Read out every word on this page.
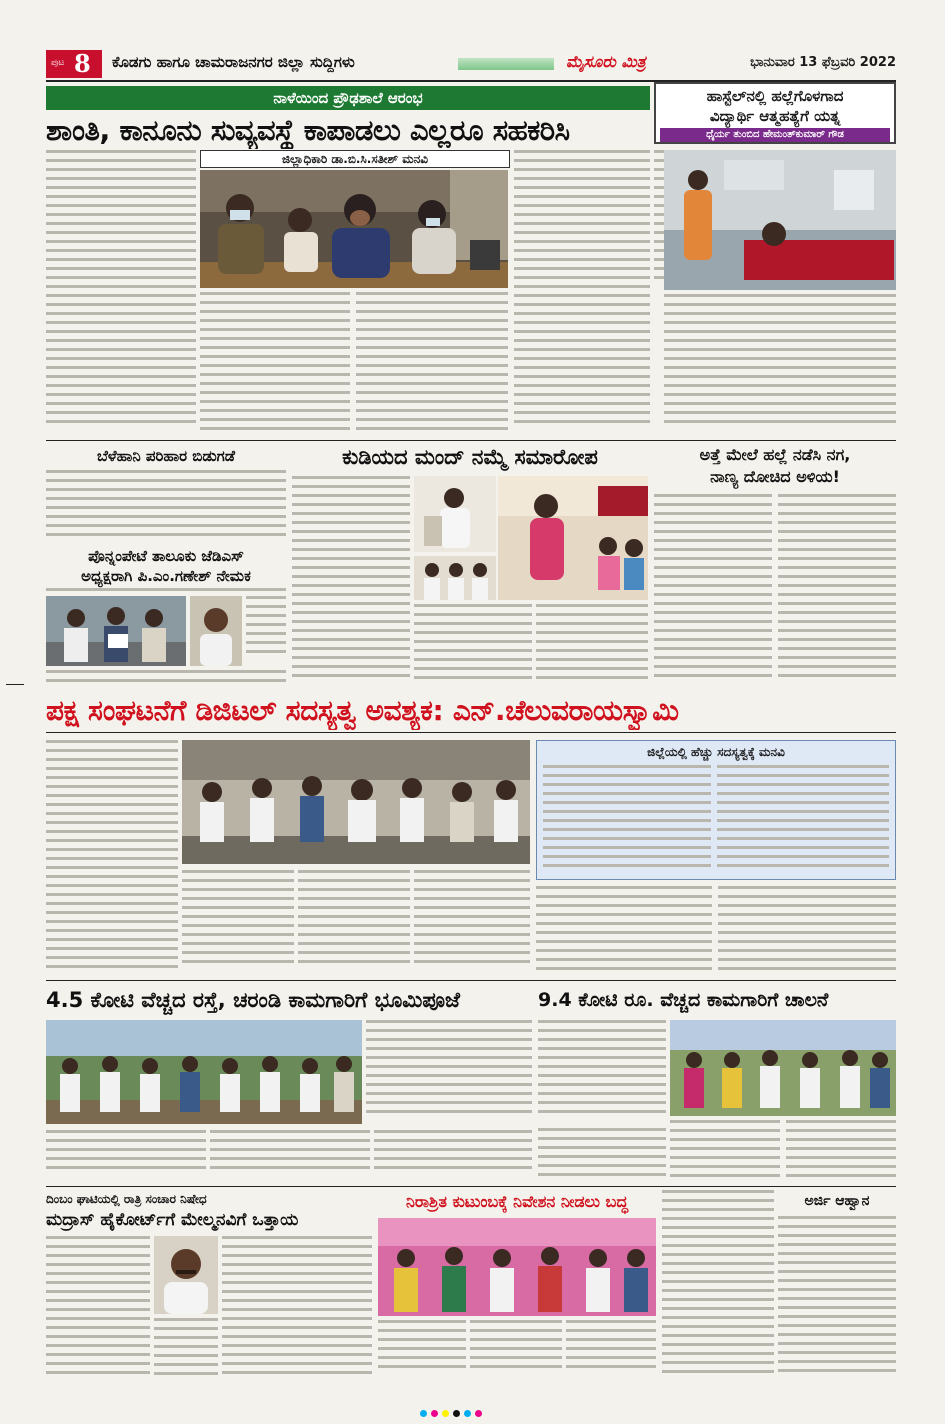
ಪುಟ 8 ಕೊಡಗು ಹಾಗೂ ಚಾಮರಾಜನಗರ ಜಿಲ್ಲಾ ಸುದ್ದಿಗಳು	ಮೈಸೂರು ಮಿತ್ರ	ಭಾನುವಾರ 13 ಫೆಬ್ರವರಿ 2022
ನಾಳೆಯಿಂದ ಪ್ರೌಢಶಾಲೆ ಆರಂಭ
ಶಾಂತಿ, ಕಾನೂನು ಸುವ್ಯವಸ್ಥೆ ಕಾಪಾಡಲು ಎಲ್ಲರೂ ಸಹಕರಿಸಿ
ಜಿಲ್ಲಾಧಿಕಾರಿ ಡಾ.ಬಿ.ಸಿ.ಸತೀಶ್ ಮನವಿ
ಹಾಸ್ಟೆಲ್‌ನಲ್ಲಿ ಹಲ್ಲೆಗೊಳಗಾದ
ವಿದ್ಯಾರ್ಥಿ ಆತ್ಮಹತ್ಯೆಗೆ ಯತ್ನ
ಧೈರ್ಯ ತುಂಬಿದ ಹೇಮಂತ್‌ಕುಮಾರ್ ಗೌಡ
ಬೆಳೆಹಾನಿ ಪರಿಹಾರ ಬಿಡುಗಡೆ
ಪೊನ್ನಂಪೇಟೆ ತಾಲೂಕು ಜೆಡಿಎಸ್
ಅಧ್ಯಕ್ಷರಾಗಿ ಪಿ.ಎಂ.ಗಣೇಶ್ ನೇಮಕ
ಕುಡಿಯದ ಮಂದ್ ನಮ್ಮೆ ಸಮಾರೋಪ	ಅತ್ತೆ ಮೇಲೆ ಹಲ್ಲೆ ನಡೆಸಿ ನಗ,
ನಾಣ್ಯ ದೋಚಿದ ಅಳಿಯ!
ಪಕ್ಷ ಸಂಘಟನೆಗೆ ಡಿಜಿಟಲ್ ಸದಸ್ಯತ್ವ ಅವಶ್ಯಕ: ಎನ್.ಚೆಲುವರಾಯಸ್ವಾಮಿ
ಜಿಲ್ಲೆಯಲ್ಲಿ ಹೆಚ್ಚು ಸದಸ್ಯತ್ವಕ್ಕೆ ಮನವಿ
4.5 ಕೋಟಿ ವೆಚ್ಚದ ರಸ್ತೆ, ಚರಂಡಿ ಕಾಮಗಾರಿಗೆ ಭೂಮಿಪೂಜೆ	9.4 ಕೋಟಿ ರೂ. ವೆಚ್ಚದ ಕಾಮಗಾರಿಗೆ ಚಾಲನೆ
ದಿಂಬಂ ಘಾಟಿಯಲ್ಲಿ ರಾತ್ರಿ ಸಂಚಾರ ನಿಷೇಧ
ಮದ್ರಾಸ್ ಹೈಕೋರ್ಟ್‌ಗೆ ಮೇಲ್ಮನವಿಗೆ ಒತ್ತಾಯ
ನಿರಾಶ್ರಿತ ಕುಟುಂಬಕ್ಕೆ ನಿವೇಶನ ನೀಡಲು ಬದ್ಧ	ಅರ್ಜಿ ಆಹ್ವಾನ
